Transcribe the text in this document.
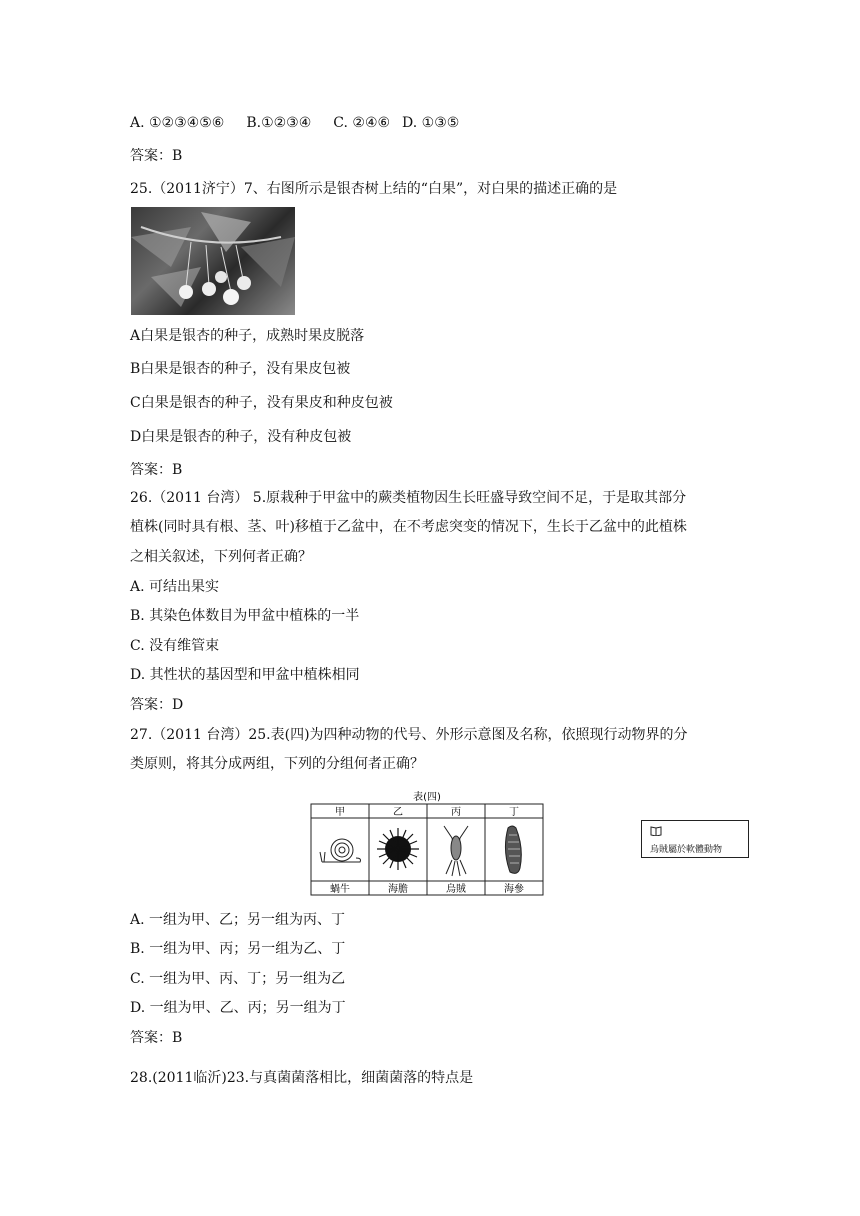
A. ①②③④⑤⑥ B.①②③④ C. ②④⑥ D. ①③⑤
答案：B
25.（2011济宁）7、右图所示是银杏树上结的“白果”，对白果的描述正确的是
A白果是银杏的种子，成熟时果皮脱落
B白果是银杏的种子，没有果皮包被
C白果是银杏的种子，没有果皮和种皮包被
D白果是银杏的种子，没有种皮包被
答案：B
26.（2011 台湾） 5.原栽种于甲盆中的蕨类植物因生长旺盛导致空间不足，于是取其部分
植株(同时具有根、茎、叶)移植于乙盆中，在不考虑突变的情况下，生长于乙盆中的此植株
之相关叙述，下列何者正确？
A. 可结出果实
B. 其染色体数目为甲盆中植株的一半
C. 没有维管束
D. 其性状的基因型和甲盆中植株相同
答案：D
27.（2011 台湾）25.表(四)为四种动物的代号、外形示意图及名称，依照现行动物界的分
类原则，将其分成两组，下列的分组何者正确？
表(四)
甲	乙	丙	丁
蝸牛	海膽	烏賊	海參
烏賊屬於軟體動物
A. 一组为甲、乙；另一组为丙、丁
B. 一组为甲、丙；另一组为乙、丁
C. 一组为甲、丙、丁；另一组为乙
D. 一组为甲、乙、丙；另一组为丁
答案：B
28.(2011临沂)23.与真菌菌落相比，细菌菌落的特点是
